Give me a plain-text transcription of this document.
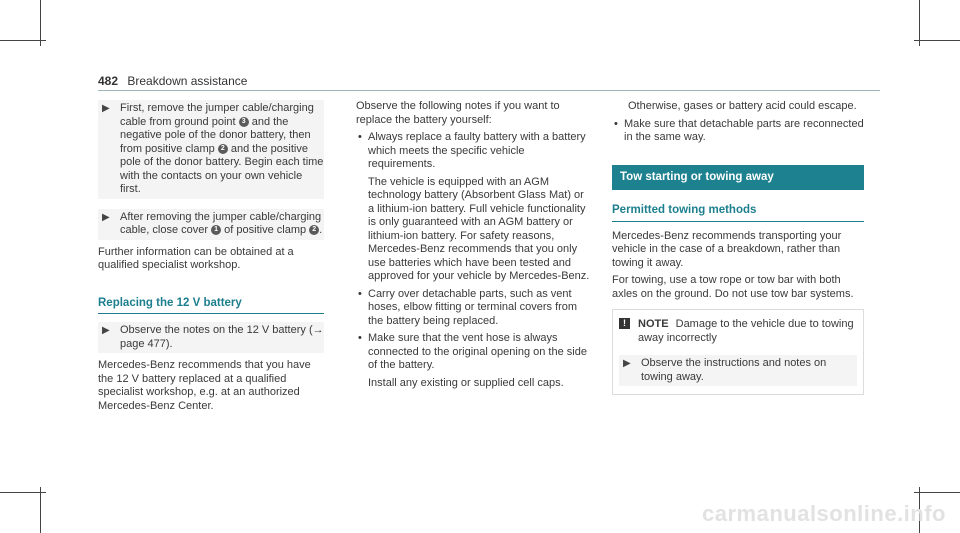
482 Breakdown assistance
▶ First, remove the jumper cable/charging cable from ground point 3 and the negative pole of the donor battery, then from positive clamp 2 and the positive pole of the donor battery. Begin each time with the contacts on your own vehicle first.
▶ After removing the jumper cable/charging cable, close cover 1 of positive clamp 2 .

Further information can be obtained at a qualified specialist workshop.

Replacing the 12 V battery
▶ Observe the notes on the 12 V battery (→ page 477).

Mercedes-Benz recommends that you have the 12 V battery replaced at a qualified specialist workshop, e.g. at an authorized Mercedes-Benz Center.

Observe the following notes if you want to replace the battery yourself:

• Always replace a faulty battery with a battery which meets the specific vehicle requirements.

The vehicle is equipped with an AGM technology battery (Absorbent Glass Mat) or a lithium-ion battery. Full vehicle functionality is only guaranteed with an AGM battery or lithium-ion battery. For safety reasons, Mercedes-Benz recommends that you only use batteries which have been tested and approved for your vehicle by Mercedes-Benz.

• Carry over detachable parts, such as vent hoses, elbow fitting or terminal covers from the battery being replaced.

• Make sure that the vent hose is always connected to the original opening on the side of the battery.

Install any existing or supplied cell caps.

Otherwise, gases or battery acid could escape.

• Make sure that detachable parts are reconnected in the same way.

Tow starting or towing away
Permitted towing methods

Mercedes-Benz recommends transporting your vehicle in the case of a breakdown, rather than towing it away.

For towing, use a tow rope or tow bar with both axles on the ground. Do not use tow bar systems.

!	NOTE Damage to the vehicle due to towing away incorrectly
▶ Observe the instructions and notes on towing away.
carmanualsonline.info
